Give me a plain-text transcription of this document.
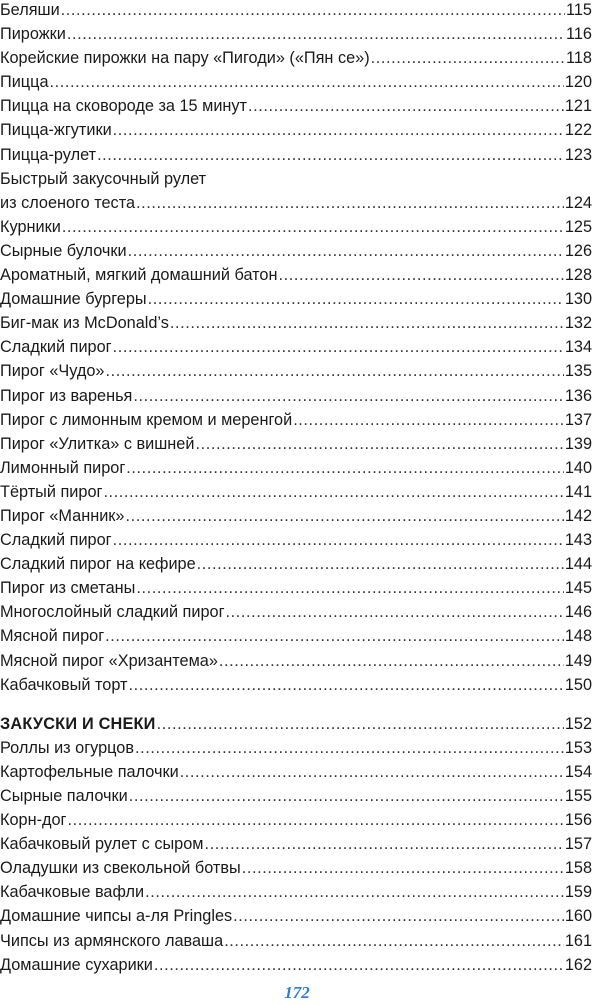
Беляши .....	115
Пирожки .....	116
Корейские пирожки на пару «Пигоди» («Пян се») .....	118
Пицца .....	120
Пицца на сковороде за 15 минут .....	121
Пицца-жгутики .....	122
Пицца-рулет .....	123
Быстрый закусочный рулет
из слоеного теста .....	124
Курники .....	125
Сырные булочки .....	126
Ароматный, мягкий домашний батон .....	128
Домашние бургеры .....	130
Биг-мак из McDonald’s .....	132
Сладкий пирог .....	134
Пирог «Чудо» .....	135
Пирог из варенья .....	136
Пирог с лимонным кремом и меренгой .....	137
Пирог «Улитка» с вишней .....	139
Лимонный пирог .....	140
Тёртый пирог .....	141
Пирог «Манник» .....	142
Сладкий пирог .....	143
Сладкий пирог на кефире .....	144
Пирог из сметаны .....	145
Многослойный сладкий пирог .....	146
Мясной пирог .....	148
Мясной пирог «Хризантема» .....	149
Кабачковый торт .....	150
ЗАКУСКИ И СНЕКИ .....	152
Роллы из огурцов .....	153
Картофельные палочки .....	154
Сырные палочки .....	155
Корн-дог .....	156
Кабачковый рулет с сыром .....	157
Оладушки из свекольной ботвы .....	158
Кабачковые вафли .....	159
Домашние чипсы а-ля Pringles .....	160
Чипсы из армянского лаваша .....	161
Домашние сухарики .....	162
172
